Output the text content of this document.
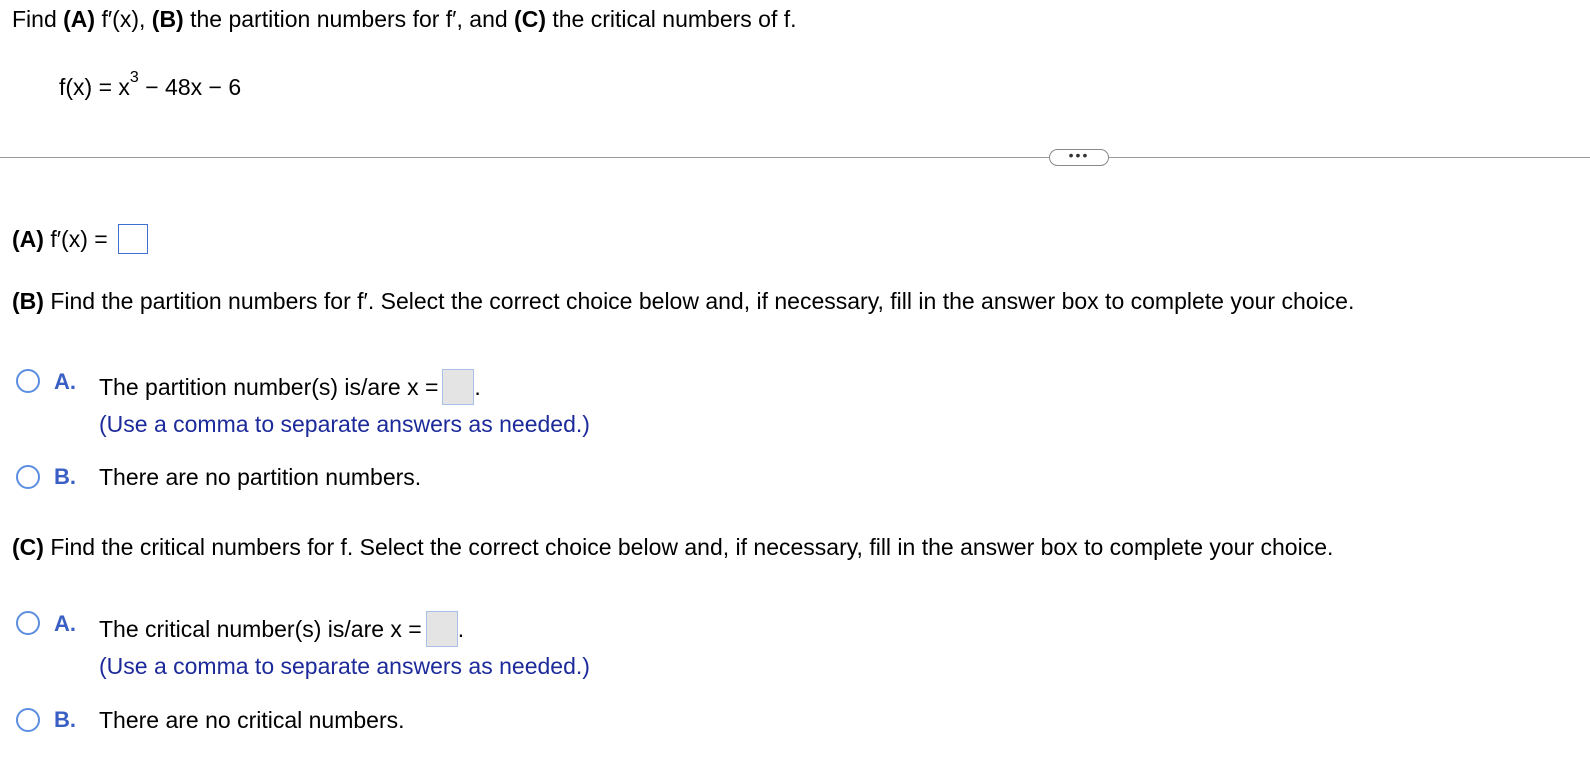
Find (A) f′(x), (B) the partition numbers for f′, and (C) the critical numbers of f.
$f(x) = x^3 - 48x - 6$
•••
(A) f′(x) =
(B) Find the partition numbers for f′. Select the correct choice below and, if necessary, fill in the answer box to complete your choice.
A. The partition number(s) is/are x = .
(Use a comma to separate answers as needed.)
B. There are no partition numbers.
(C) Find the critical numbers for f. Select the correct choice below and, if necessary, fill in the answer box to complete your choice.
A. The critical number(s) is/are x = .
(Use a comma to separate answers as needed.)
B. There are no critical numbers.
